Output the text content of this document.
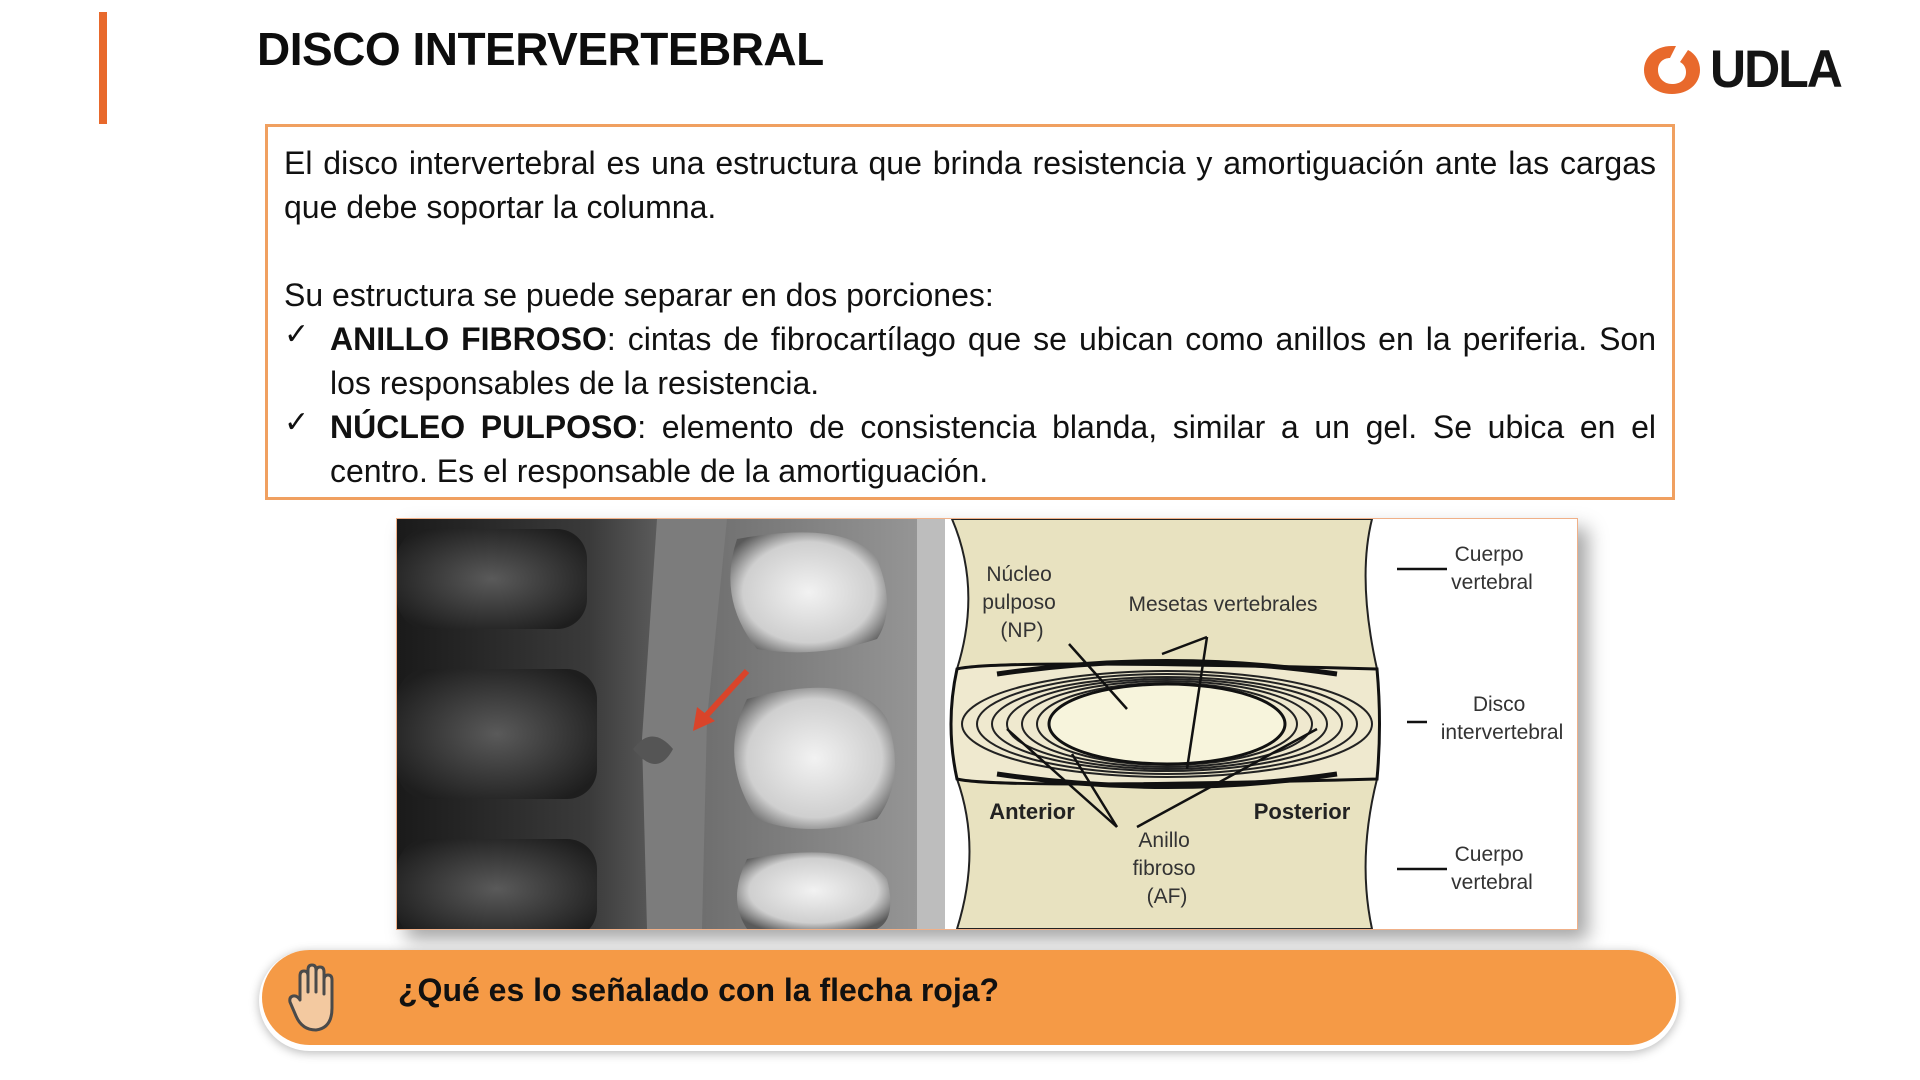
DISCO INTERVERTEBRAL	UDLA

El disco intervertebral es una estructura que brinda resistencia y amortiguación ante las cargas que debe soportar la columna.

Su estructura se puede separar en dos porciones:

✓ ANILLO FIBROSO: cintas de fibrocartílago que se ubican como anillos en la periferia. Son los responsables de la resistencia.

✓ NÚCLEO PULPOSO: elemento de consistencia blanda, similar a un gel. Se ubica en el centro. Es el responsable de la amortiguación.

Núcleo pulposo (NP)
Mesetas vertebrales
Cuerpo vertebral
Disco intervertebral
Cuerpo vertebral
Anterior	Posterior
Anillo fibroso (AF)
¿Qué es lo señalado con la flecha roja?
